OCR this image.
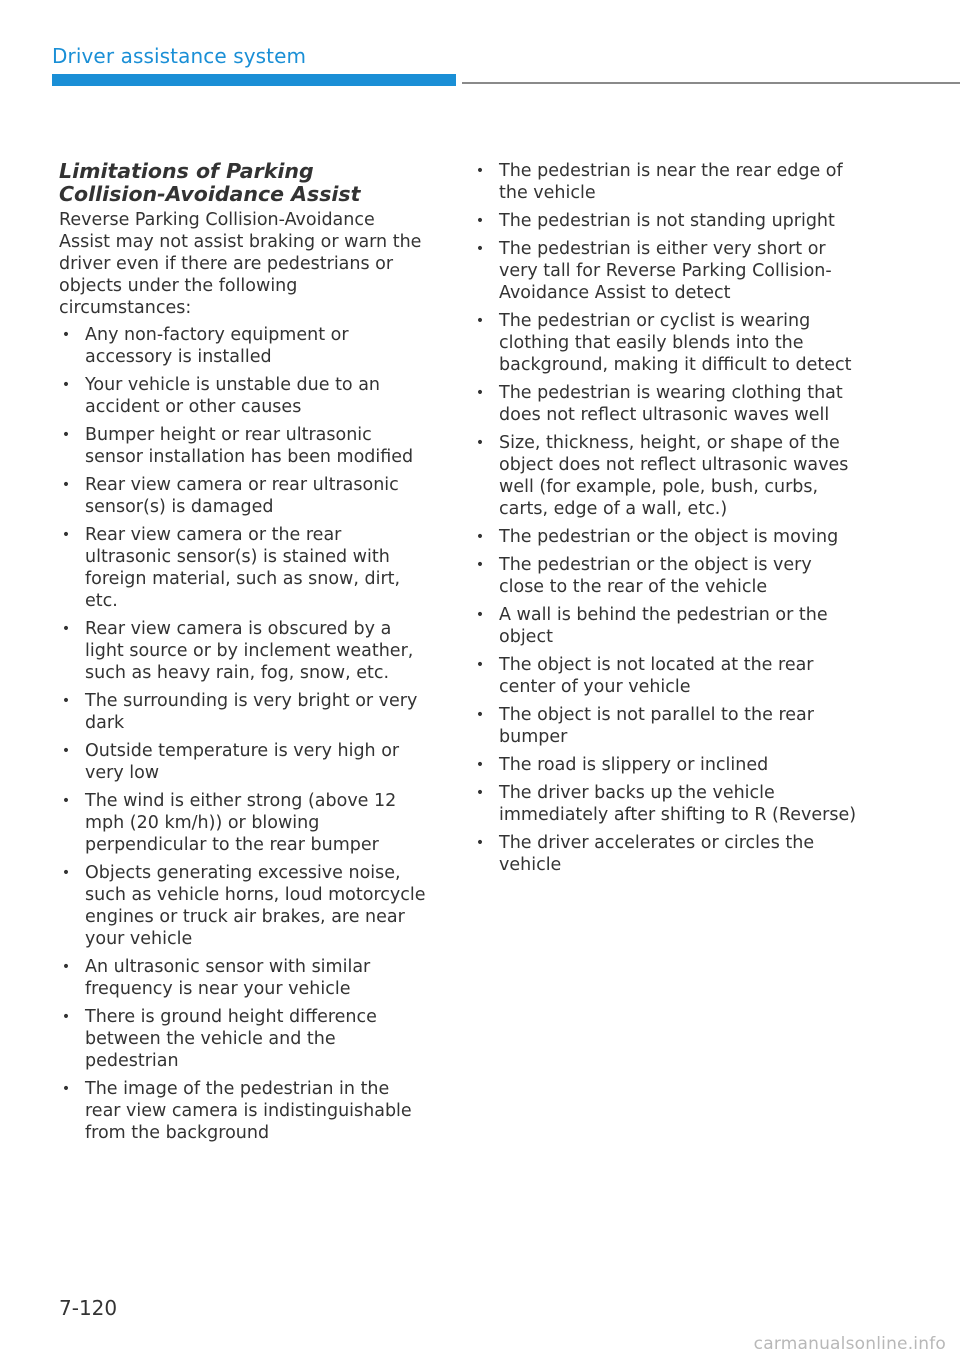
Driver assistance system
Limitations of Parking Collision-Avoidance Assist

Reverse Parking Collision-Avoidance Assist may not assist braking or warn the driver even if there are pedestrians or objects under the following circumstances:

• Any non-factory equipment or accessory is installed
• Your vehicle is unstable due to an accident or other causes
• Bumper height or rear ultrasonic sensor installation has been modified
• Rear view camera or rear ultrasonic sensor(s) is damaged
• Rear view camera or the rear ultrasonic sensor(s) is stained with foreign material, such as snow, dirt, etc.
• Rear view camera is obscured by a light source or by inclement weather, such as heavy rain, fog, snow, etc.
• The surrounding is very bright or very dark
• Outside temperature is very high or very low
• The wind is either strong (above 12 mph (20 km/h)) or blowing perpendicular to the rear bumper
• Objects generating excessive noise, such as vehicle horns, loud motorcycle engines or truck air brakes, are near your vehicle
• An ultrasonic sensor with similar frequency is near your vehicle
• There is ground height difference between the vehicle and the pedestrian
• The image of the pedestrian in the rear view camera is indistinguishable from the background
• The pedestrian is near the rear edge of the vehicle
• The pedestrian is not standing upright
• The pedestrian is either very short or very tall for Reverse Parking Collision-Avoidance Assist to detect
• The pedestrian or cyclist is wearing clothing that easily blends into the background, making it difficult to detect
• The pedestrian is wearing clothing that does not reflect ultrasonic waves well
• Size, thickness, height, or shape of the object does not reflect ultrasonic waves well (for example, pole, bush, curbs, carts, edge of a wall, etc.)
• The pedestrian or the object is moving
• The pedestrian or the object is very close to the rear of the vehicle
• A wall is behind the pedestrian or the object
• The object is not located at the rear center of your vehicle
• The object is not parallel to the rear bumper
• The road is slippery or inclined
• The driver backs up the vehicle immediately after shifting to R (Reverse)
• The driver accelerates or circles the vehicle
7-120
carmanualsonline.info
